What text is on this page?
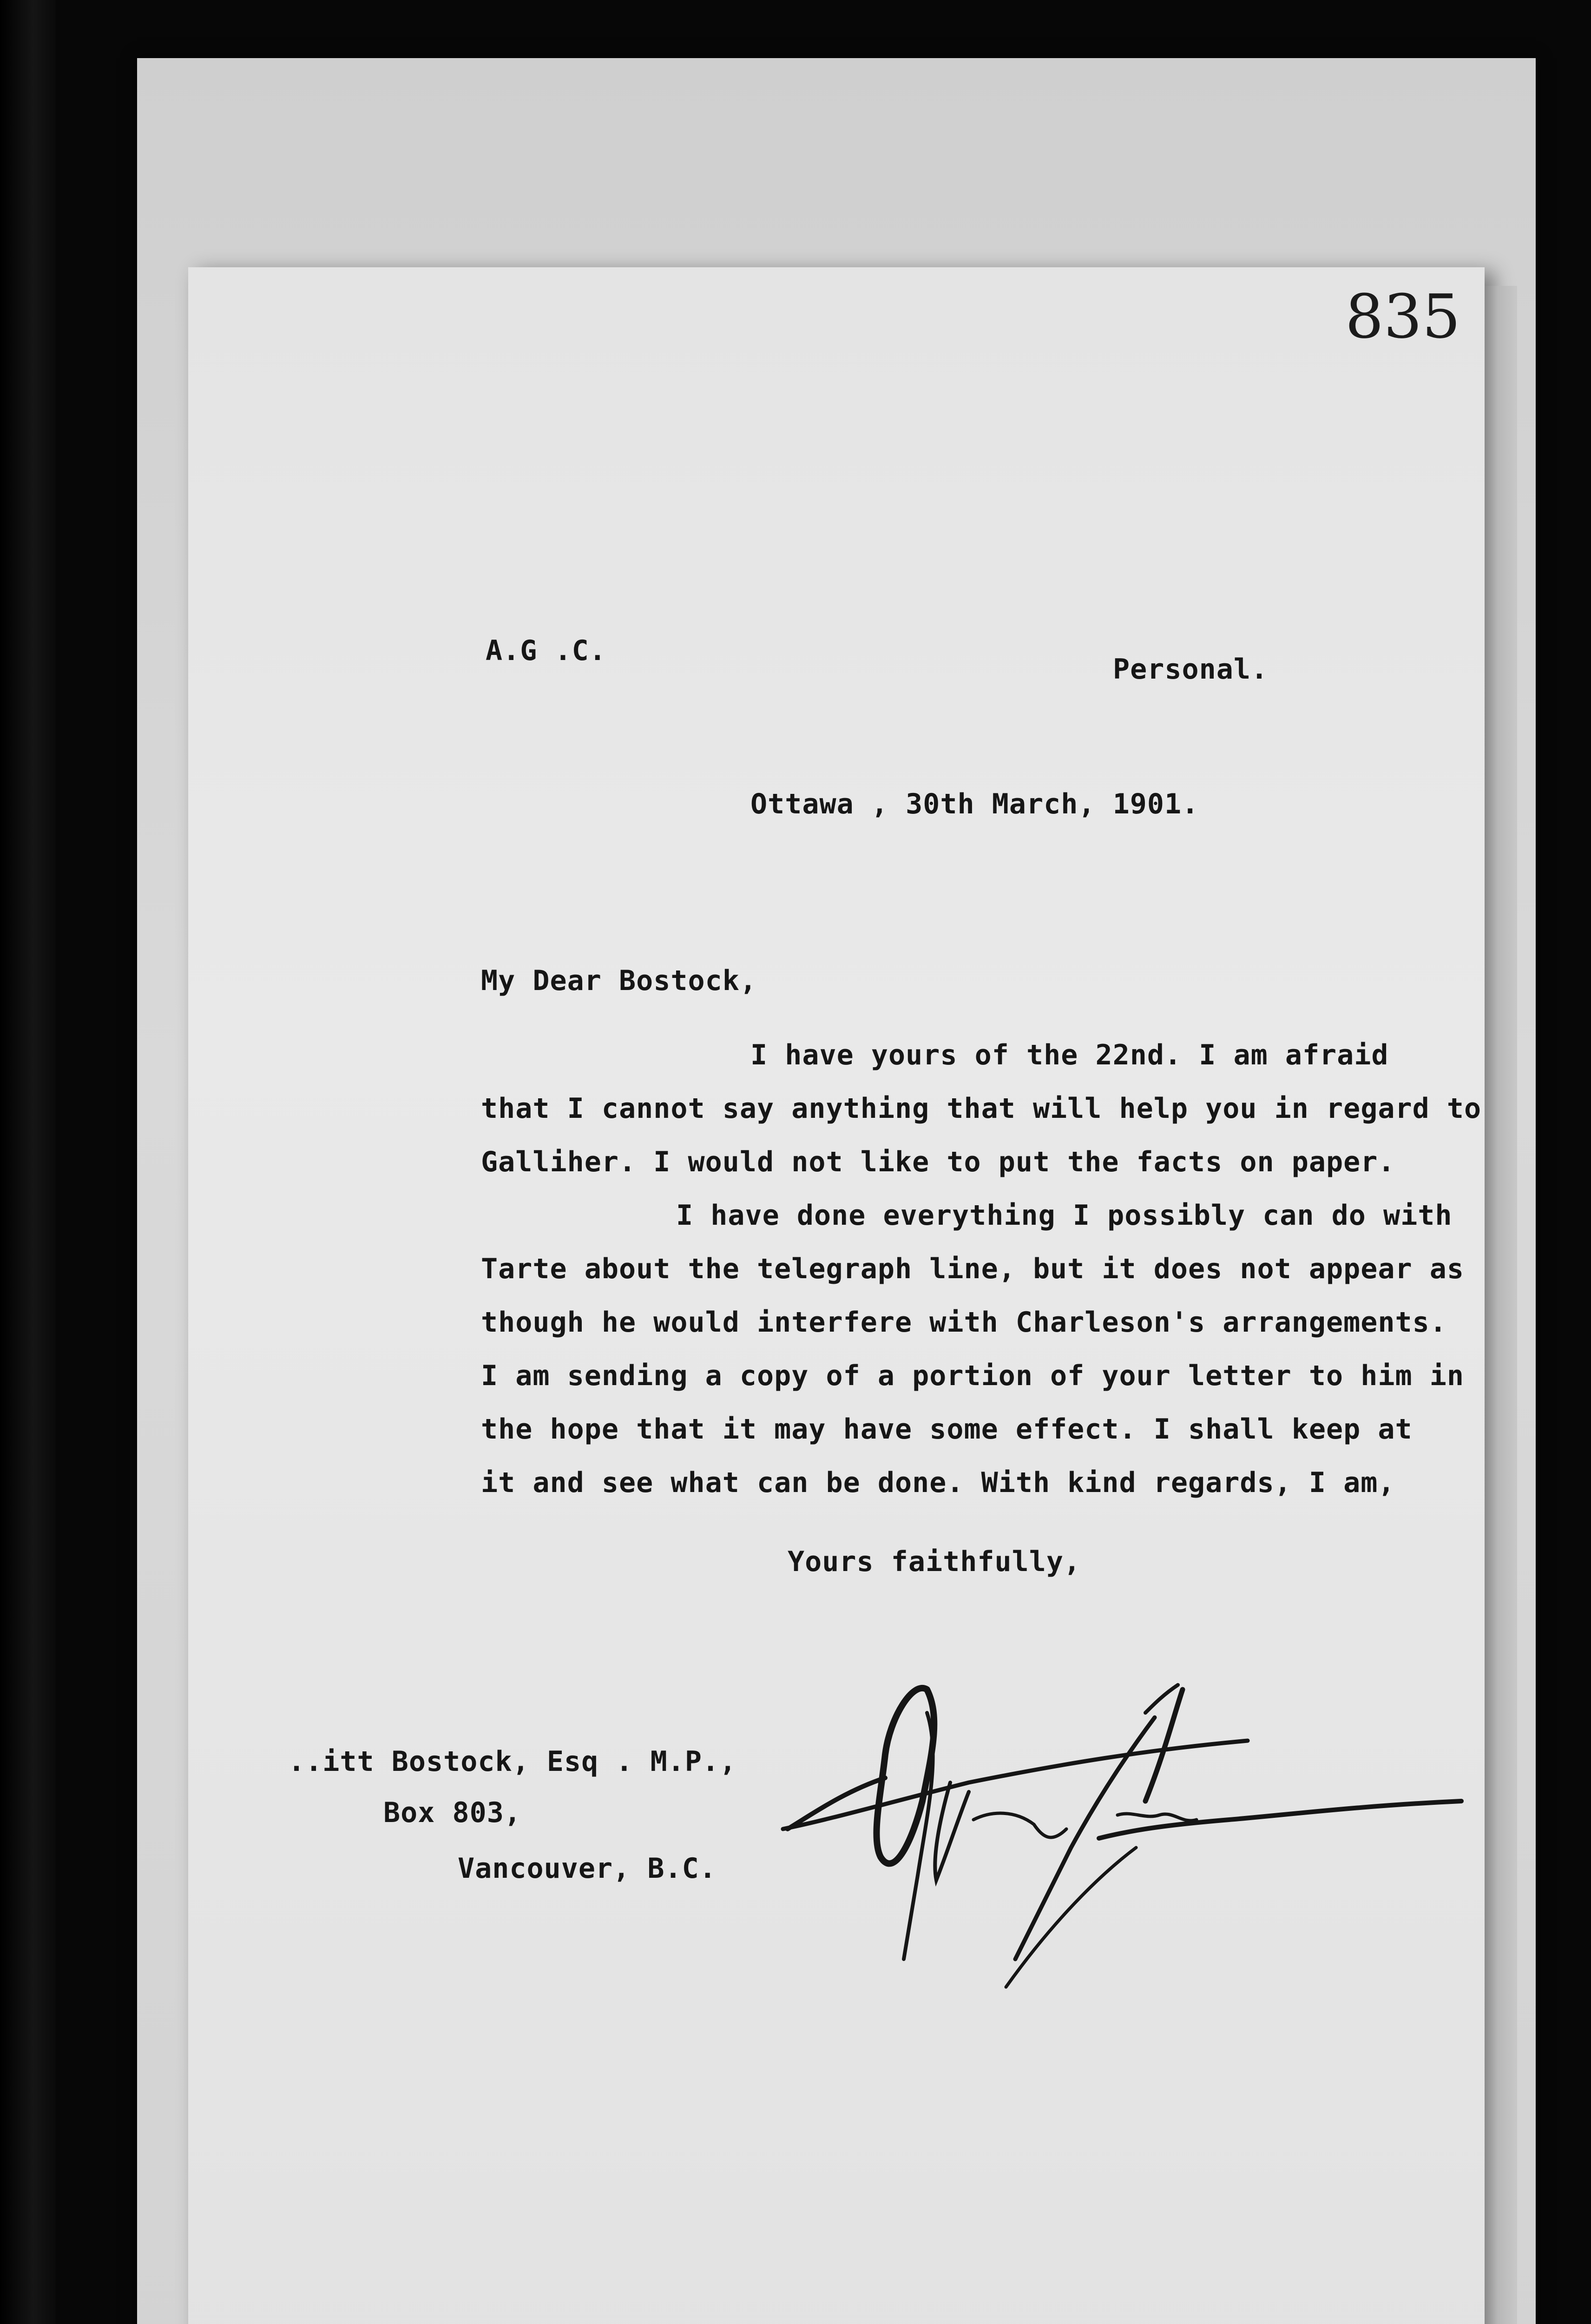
835
A.G .C.
Personal.
Ottawa , 30th March, 1901.
My Dear Bostock,
I have yours of the 22nd. I am afraid
that I cannot say anything that will help you in regard to
Galliher. I would not like to put the facts on paper.
I have done everything I possibly can do with
Tarte about the telegraph line, but it does not appear as
though he would interfere with Charleson's arrangements.
I am sending a copy of a portion of your letter to him in
the hope that it may have some effect. I shall keep at
it and see what can be done. With kind regards, I am,
Yours faithfully,
..itt Bostock, Esq . M.P.,
Box 803,
Vancouver, B.C.
